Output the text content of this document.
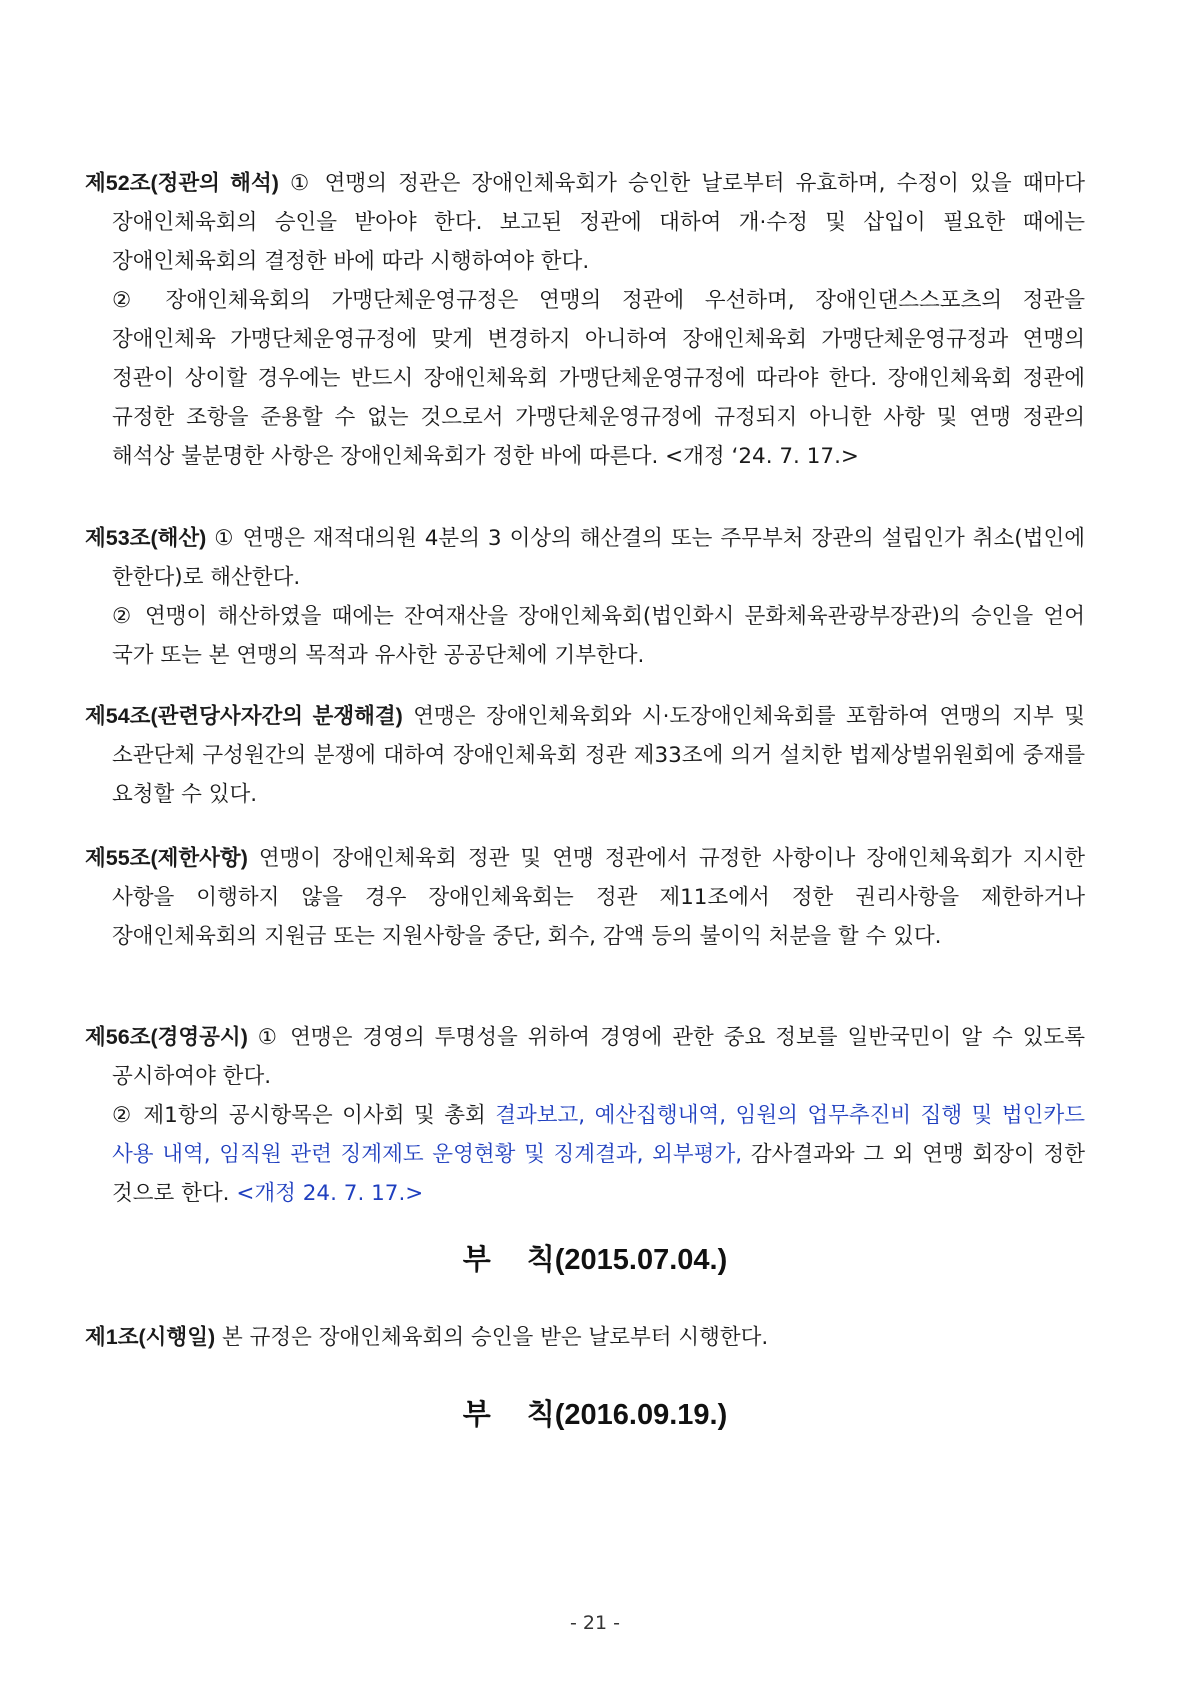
제52조(정관의 해석) ① 연맹의 정관은 장애인체육회가 승인한 날로부터 유효하며, 수정이 있을 때마다 장애인체육회의 승인을 받아야 한다. 보고된 정관에 대하여 개·수정 및 삽입이 필요한 때에는 장애인체육회의 결정한 바에 따라 시행하여야 한다.

② 장애인체육회의 가맹단체운영규정은 연맹의 정관에 우선하며, 장애인댄스스포츠의 정관을 장애인체육 가맹단체운영규정에 맞게 변경하지 아니하여 장애인체육회 가맹단체운영규정과 연맹의 정관이 상이할 경우에는 반드시 장애인체육회 가맹단체운영규정에 따라야 한다. 장애인체육회 정관에 규정한 조항을 준용할 수 없는 것으로서 가맹단체운영규정에 규정되지 아니한 사항 및 연맹 정관의 해석상 불분명한 사항은 장애인체육회가 정한 바에 따른다. <개정 ‘24. 7. 17.>

제53조(해산) ① 연맹은 재적대의원 4분의 3 이상의 해산결의 또는 주무부처 장관의 설립인가 취소(법인에 한한다)로 해산한다.

② 연맹이 해산하였을 때에는 잔여재산을 장애인체육회(법인화시 문화체육관광부장관)의 승인을 얻어 국가 또는 본 연맹의 목적과 유사한 공공단체에 기부한다.

제54조(관련당사자간의 분쟁해결) 연맹은 장애인체육회와 시·도장애인체육회를 포함하여 연맹의 지부 및 소관단체 구성원간의 분쟁에 대하여 장애인체육회 정관 제33조에 의거 설치한 법제상벌위원회에 중재를 요청할 수 있다.

제55조(제한사항) 연맹이 장애인체육회 정관 및 연맹 정관에서 규정한 사항이나 장애인체육회가 지시한 사항을 이행하지 않을 경우 장애인체육회는 정관 제11조에서 정한 권리사항을 제한하거나 장애인체육회의 지원금 또는 지원사항을 중단, 회수, 감액 등의 불이익 처분을 할 수 있다.

제56조(경영공시) ① 연맹은 경영의 투명성을 위하여 경영에 관한 중요 정보를 일반국민이 알 수 있도록 공시하여야 한다.

② 제1항의 공시항목은 이사회 및 총회 결과보고, 예산집행내역, 임원의 업무추진비 집행 및 법인카드 사용 내역, 임직원 관련 징계제도 운영현황 및 징계결과, 외부평가, 감사결과와 그 외 연맹 회장이 정한 것으로 한다. <개정 24. 7. 17.>

부 칙(2015.07.04.)

제1조(시행일) 본 규정은 장애인체육회의 승인을 받은 날로부터 시행한다.

부 칙(2016.09.19.)
- 21 -
